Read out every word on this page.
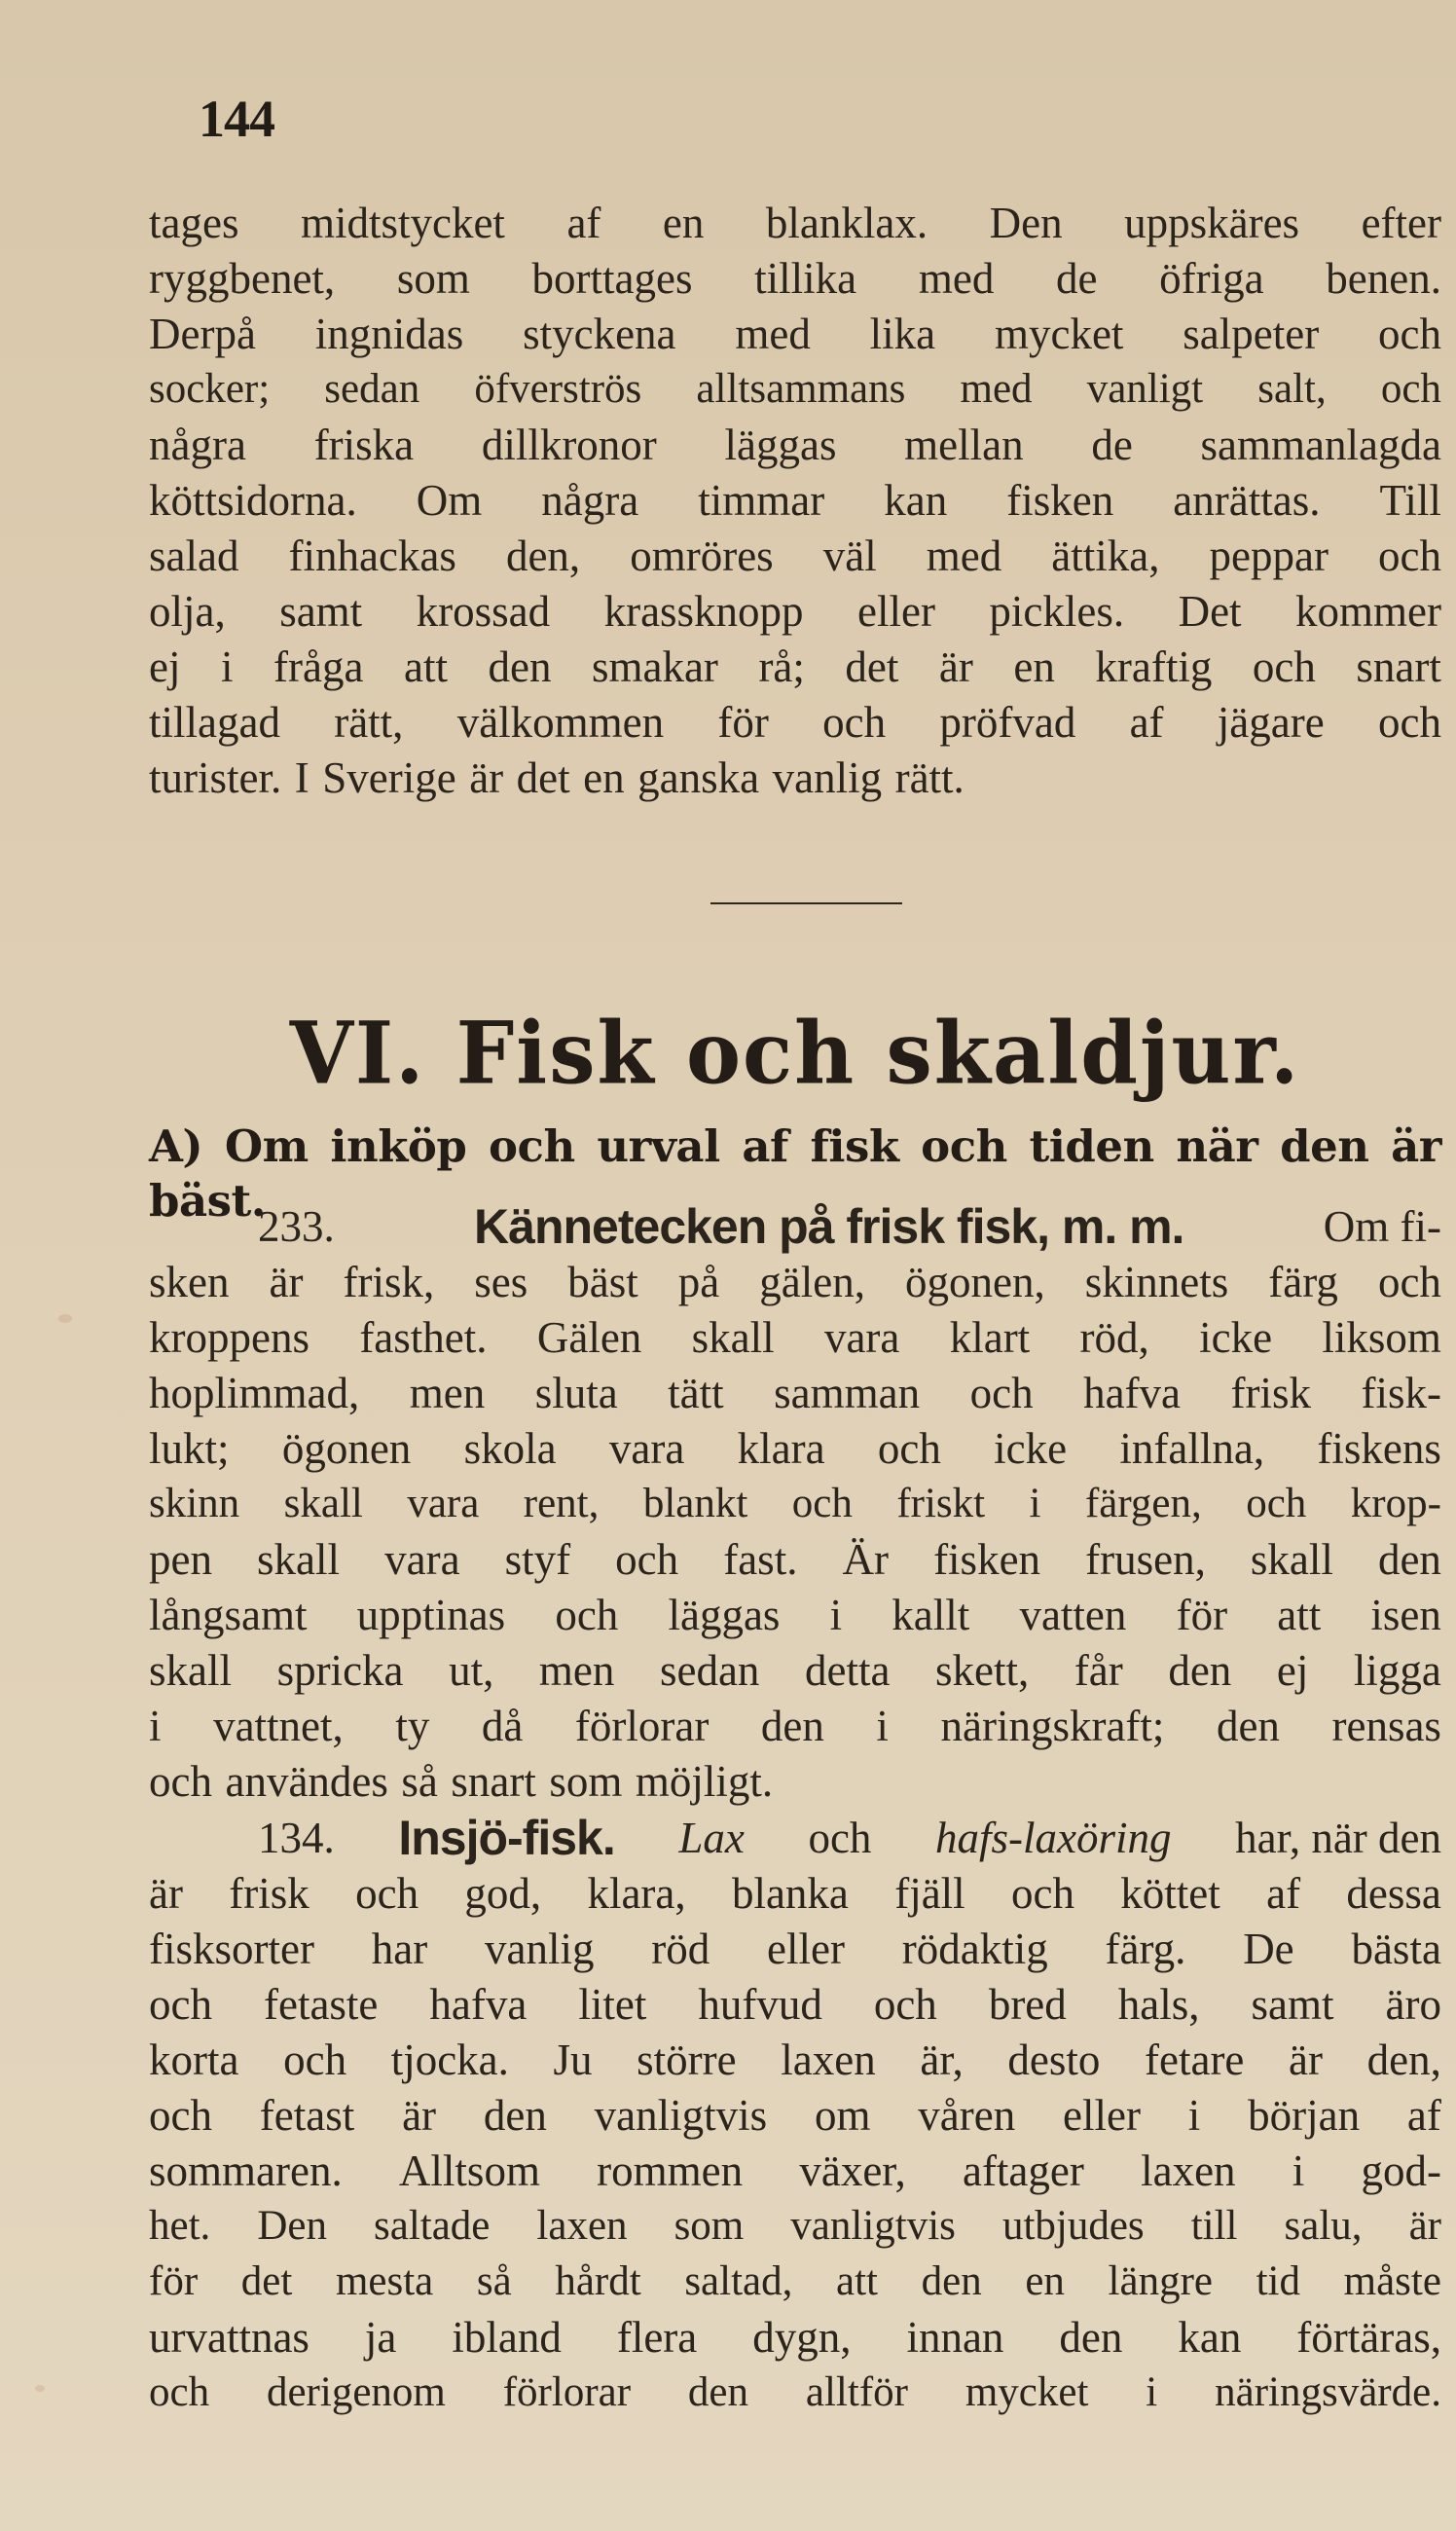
144
tages midtstycket af en blanklax. Den uppskäres efter
ryggbenet, som borttages tillika med de öfriga benen.
Derpå ingnidas styckena med lika mycket salpeter och
socker; sedan öfverströs alltsammans med vanligt salt, och
några friska dillkronor läggas mellan de sammanlagda
köttsidorna. Om några timmar kan fisken anrättas. Till
salad finhackas den, omröres väl med ättika, peppar och
olja, samt krossad krassknopp eller pickles. Det kommer
ej i fråga att den smakar rå; det är en kraftig och snart
tillagad rätt, välkommen för och pröfvad af jägare och
turister. I Sverige är det en ganska vanlig rätt.
VI. Fisk och skaldjur.
A) Om inköp och urval af fisk och tiden när den är bäst.
233.	Kännetecken på frisk fisk, m. m.	Om fi-
sken är frisk, ses bäst på gälen, ögonen, skinnets färg och
kroppens fasthet. Gälen skall vara klart röd, icke liksom
hoplimmad, men sluta tätt samman och hafva frisk fisk-
lukt; ögonen skola vara klara och icke infallna, fiskens
skinn skall vara rent, blankt och friskt i färgen, och krop-
pen skall vara styf och fast. Är fisken frusen, skall den
långsamt upptinas och läggas i kallt vatten för att isen
skall spricka ut, men sedan detta skett, får den ej ligga
i vattnet, ty då förlorar den i näringskraft; den rensas
och användes så snart som möjligt.
134. Insjö-fisk. Lax och hafs-laxöring har, när den
är frisk och god, klara, blanka fjäll och köttet af dessa
fisksorter har vanlig röd eller rödaktig färg. De bästa
och fetaste hafva litet hufvud och bred hals, samt äro
korta och tjocka. Ju större laxen är, desto fetare är den,
och fetast är den vanligtvis om våren eller i början af
sommaren. Alltsom rommen växer, aftager laxen i god-
het. Den saltade laxen som vanligtvis utbjudes till salu, är
för det mesta så hårdt saltad, att den en längre tid måste
urvattnas ja ibland flera dygn, innan den kan förtäras,
och derigenom förlorar den alltför mycket i näringsvärde.
